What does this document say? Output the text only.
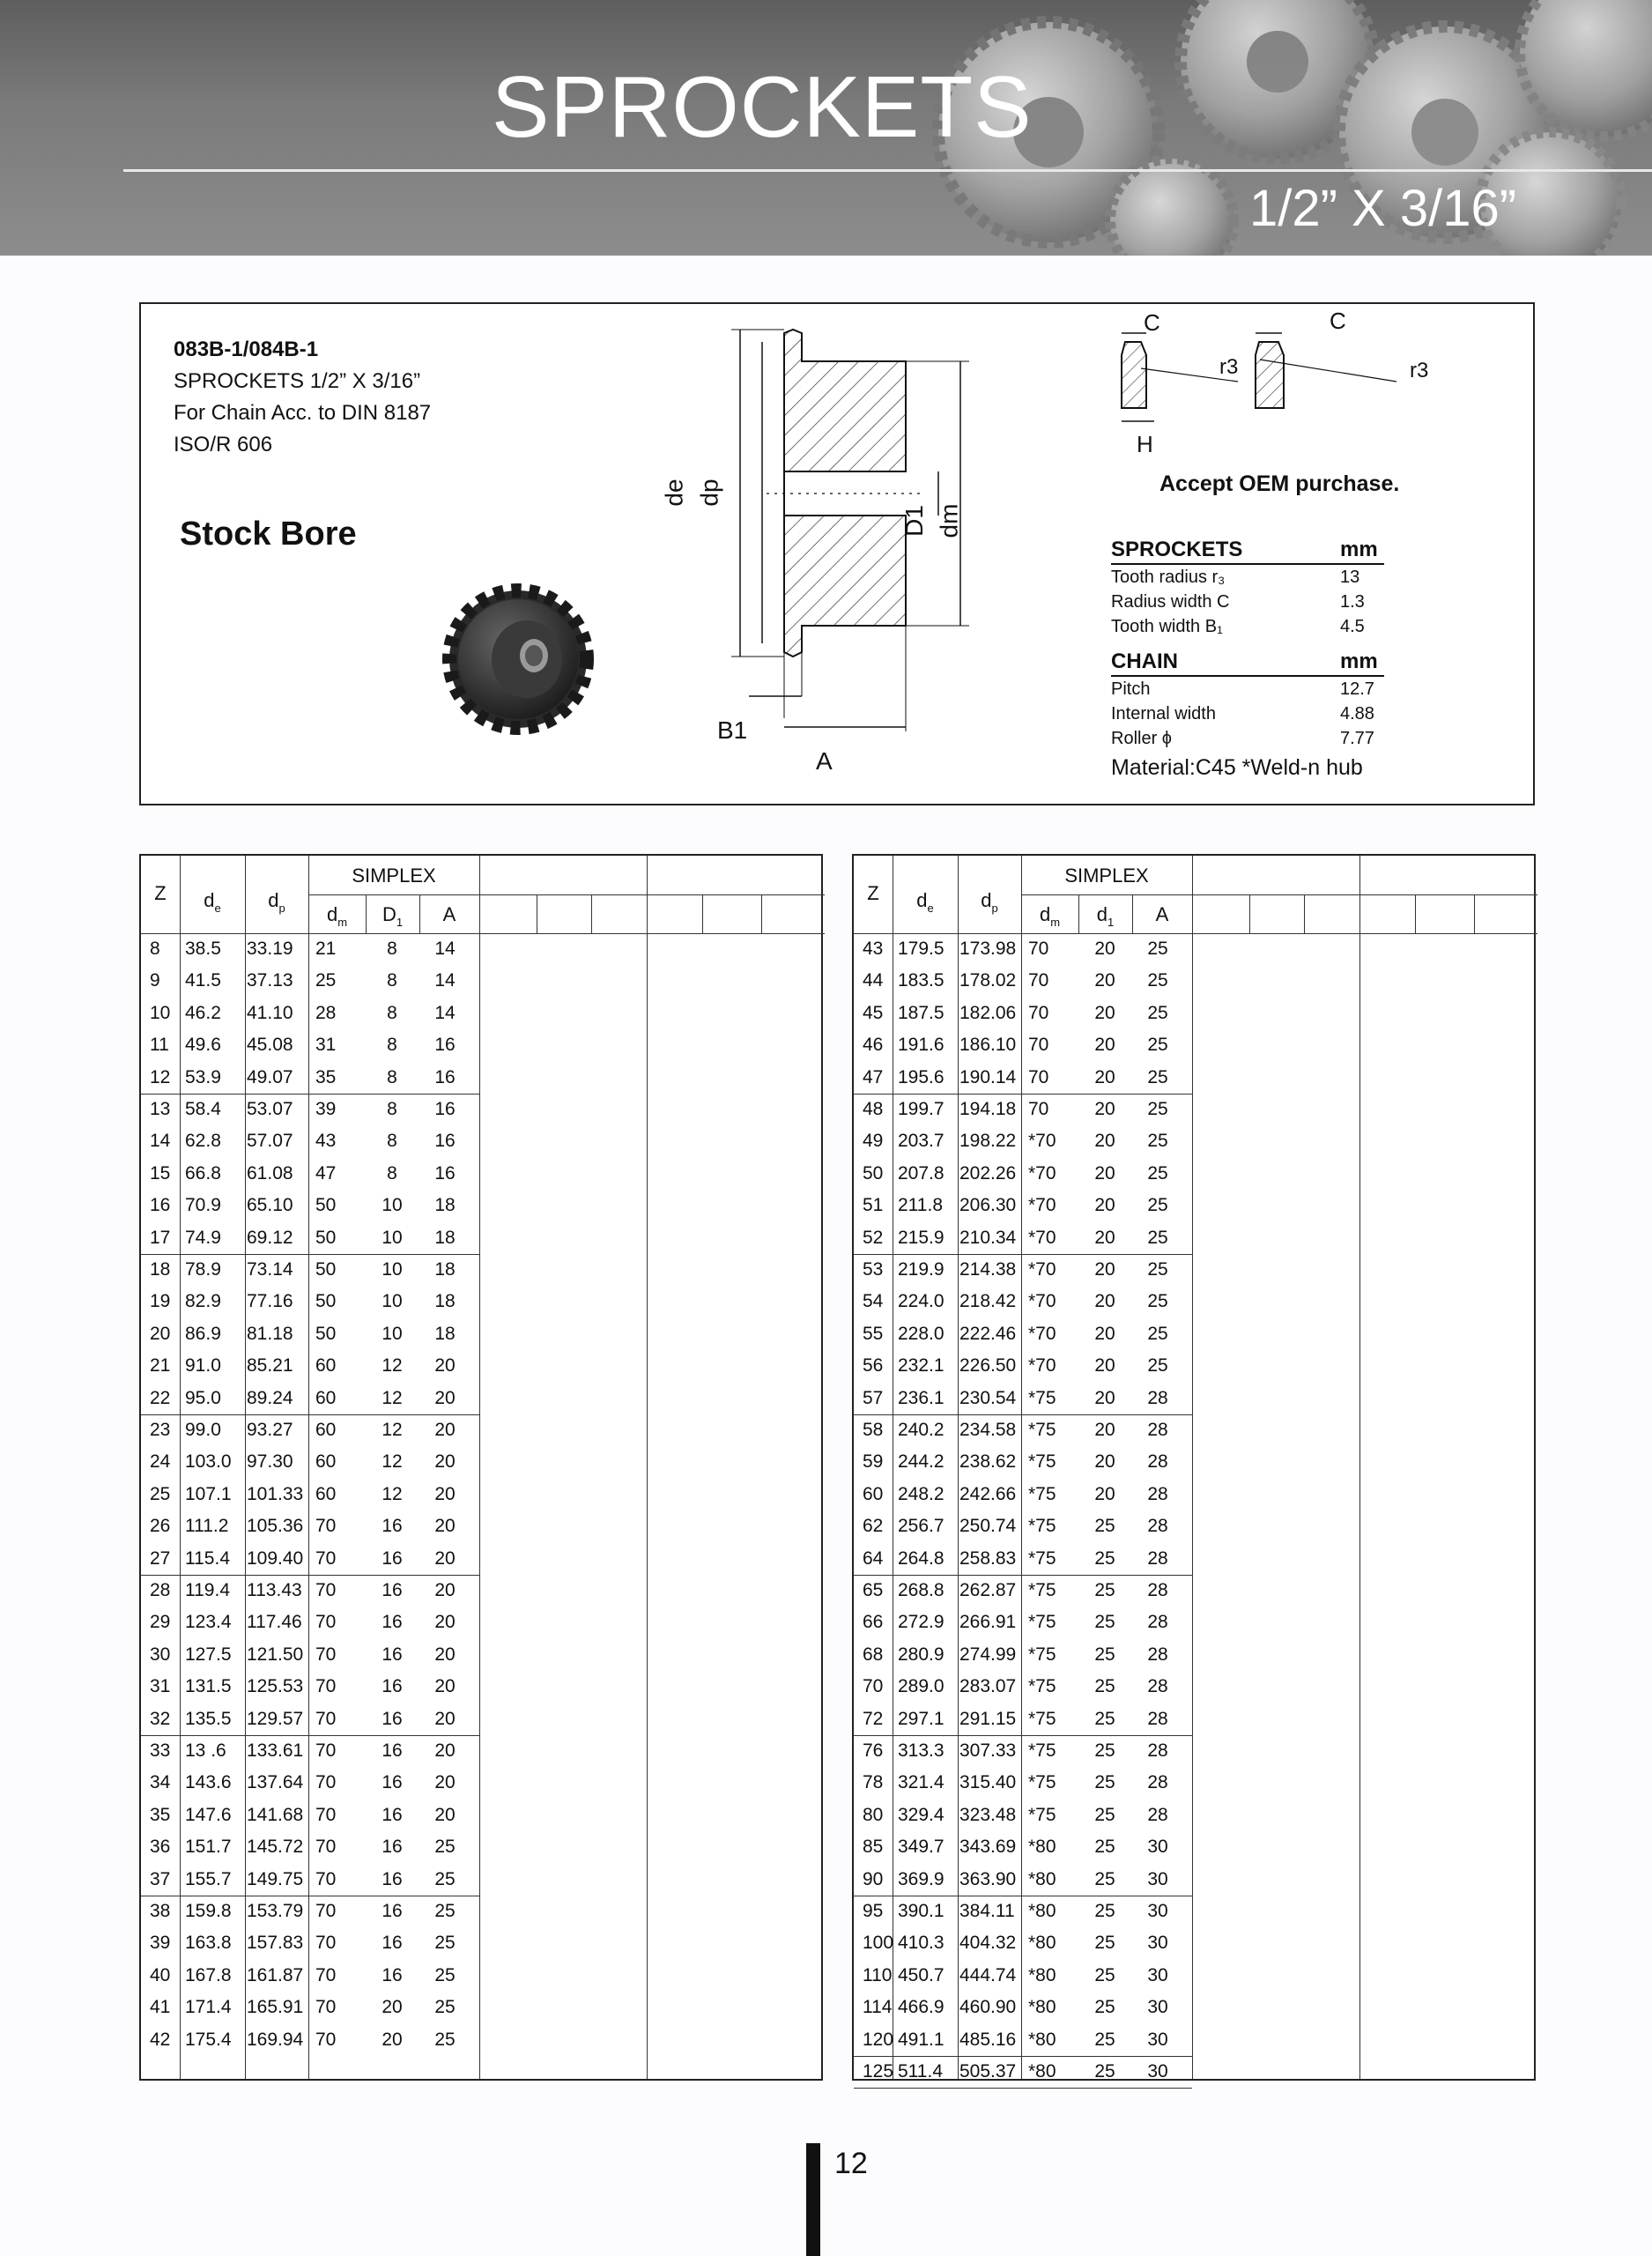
SPROCKETS
1/2” X 3/16”
083B-1/084B-1
SPROCKETS 1/2” X 3/16”
For Chain Acc. to DIN 8187
ISO/R 606
Stock Bore
de dp
D1 dm
B1
A
C	C
r3	r3
H
Accept OEM purchase.
SPROCKETS	mm
Tooth radius r₃	13
Radius width C	1.3
Tooth width B₁	4.5
CHAIN	mm
Pitch	12.7
Internal width	4.88
Roller ϕ	7.77
Material:C45 *Weld-n hub
Z	$d_e$	$d_p$
SIMPLEX
$d_m$	$D_1$	A
8	38.5	33.19	21	8	14
9	41.5	37.13	25	8	14
10 46.2	41.10	28	8	14
11 49.6	45.08	31	8	16
12 53.9	49.07	35	8	16
13 58.4	53.07	39	8	16
14 62.8	57.07	43	8	16
15 66.8	61.08	47	8	16
16 70.9	65.10	50	10	18
17 74.9	69.12	50	10	18
18 78.9	73.14	50	10	18
19 82.9	77.16	50	10	18
20 86.9	81.18	50	10	18
21 91.0	85.21	60	12	20
22 95.0	89.24	60	12	20
23 99.0	93.27	60	12	20
24 103.0 97.30	60	12	20
25 107.1 101.33 60	12	20
26 111.2 105.36 70	16	20
27 115.4 109.40 70	16	20
28 119.4 113.43 70	16	20
29 123.4 117.46 70	16	20
30 127.5 121.50 70	16	20
31 131.5 125.53 70	16	20
32 135.5 129.57 70	16	20
33 13 .6	133.61 70	16	20
34 143.6 137.64 70	16	20
35 147.6 141.68 70	16	20
36 151.7 145.72 70	16	25
37 155.7 149.75 70	16	25
38 159.8 153.79 70	16	25
39 163.8 157.83 70	16	25
40 167.8 161.87 70	16	25
41 171.4 165.91 70	20	25
42 175.4 169.94 70	20	25
Z	$d_e$	$d_p$
SIMPLEX
$d_m$	$d_1$	A
43 179.5 173.98 70	20	25
44 183.5 178.02 70	20	25
45 187.5 182.06 70	20	25
46 191.6 186.10 70	20	25
47 195.6 190.14 70	20	25
48 199.7 194.18 70	20	25
49 203.7 198.22 *70	20	25
50 207.8 202.26 *70	20	25
51 211.8 206.30 *70	20	25
52 215.9 210.34 *70	20	25
53 219.9 214.38 *70	20	25
54 224.0 218.42 *70	20	25
55 228.0 222.46 *70	20	25
56 232.1 226.50 *70	20	25
57 236.1 230.54 *75	20	28
58 240.2 234.58 *75	20	28
59 244.2 238.62 *75	20	28
60 248.2 242.66 *75	20	28
62 256.7 250.74 *75	25	28
64 264.8 258.83 *75	25	28
65 268.8 262.87 *75	25	28
66 272.9 266.91 *75	25	28
68 280.9 274.99 *75	25	28
70 289.0 283.07 *75	25	28
72 297.1 291.15 *75	25	28
76 313.3 307.33 *75	25	28
78 321.4 315.40 *75	25	28
80 329.4 323.48 *75	25	28
85 349.7 343.69 *80	25	30
90 369.9 363.90 *80	25	30
95 390.1 384.11 *80	25	30
100 410.3 404.32 *80	25	30
110 450.7 444.74 *80	25	30
114 466.9 460.90 *80	25	30
120 491.1 485.16 *80	25	30
125 511.4 505.37 *80	25	30
12
